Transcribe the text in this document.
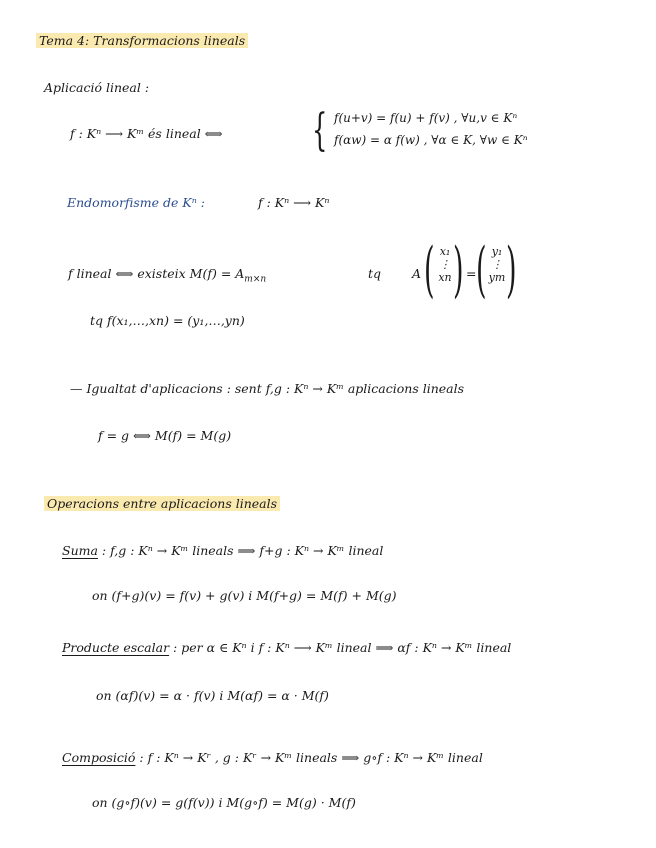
Tema 4: Transformacions lineals
Aplicació lineal :
f : Kⁿ ⟶ Kᵐ és lineal ⟺ { f(u+v) = f(u) + f(v) , ∀u,v ∈ Kⁿ
f(αw) = α f(w) , ∀α ∈ K, ∀w ∈ Kⁿ
Endomorfisme de Kⁿ :	f : Kⁿ ⟶ Kⁿ
f lineal ⟺ existeix $M(f) = A_{m\times n}$	tq A ( x₁
⋮
xn ) = ( y₁
⋮
ym )
tq f(x₁,…,xn) = (y₁,…,yn)
— Igualtat d'aplicacions : sent f,g : Kⁿ → Kᵐ aplicacions lineals
f = g ⟺ M(f) = M(g)
Operacions entre aplicacions lineals
Suma : f,g : Kⁿ → Kᵐ lineals ⟹ f+g : Kⁿ → Kᵐ lineal
on (f+g)(v) = f(v) + g(v) i M(f+g) = M(f) + M(g)
Producte escalar : per α ∈ Kⁿ i f : Kⁿ ⟶ Kᵐ lineal ⟹ αf : Kⁿ → Kᵐ lineal
on (αf)(v) = α · f(v) i M(αf) = α · M(f)
Composició : f : Kⁿ → Kʳ , g : Kʳ → Kᵐ lineals ⟹ g∘f : Kⁿ → Kᵐ lineal
on (g∘f)(v) = g(f(v)) i M(g∘f) = M(g) · M(f)
